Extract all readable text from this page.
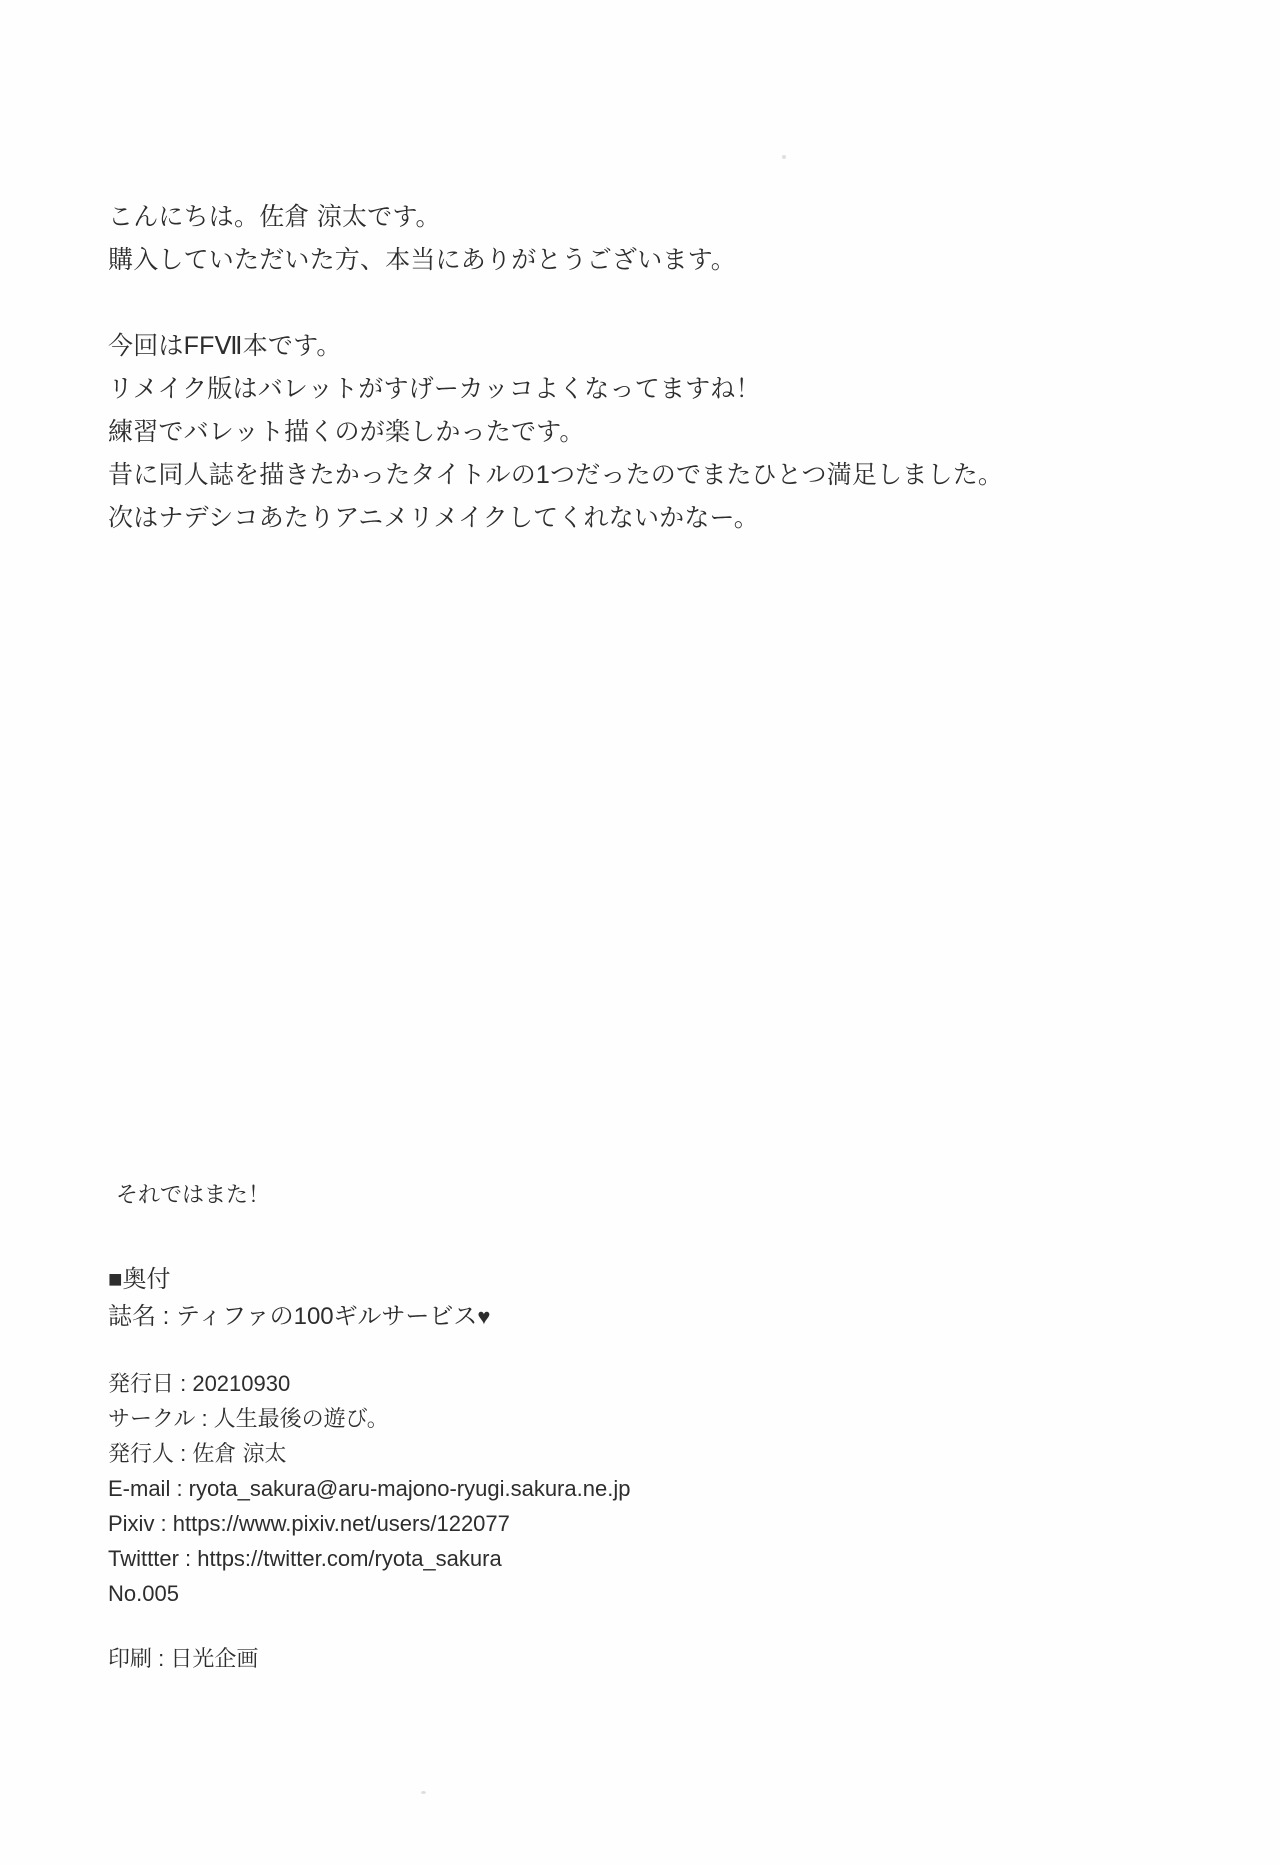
こんにちは。佐倉 涼太です。

購入していただいた方、本当にありがとうございます。

今回はFFⅦ本です。

リメイク版はバレットがすげーカッコよくなってますね！

練習でバレット描くのが楽しかったです。

昔に同人誌を描きたかったタイトルの1つだったのでまたひとつ満足しました。

次はナデシコあたりアニメリメイクしてくれないかなー。

それではまた！
■奥付
誌名 : ティファの100ギルサービス♥
発行日 : 20210930
サークル : 人生最後の遊び。
発行人 : 佐倉 涼太
E-mail : ryota_sakura@aru-majono-ryugi.sakura.ne.jp
Pixiv : https://www.pixiv.net/users/122077
Twittter : https://twitter.com/ryota_sakura
No.005
印刷 : 日光企画
